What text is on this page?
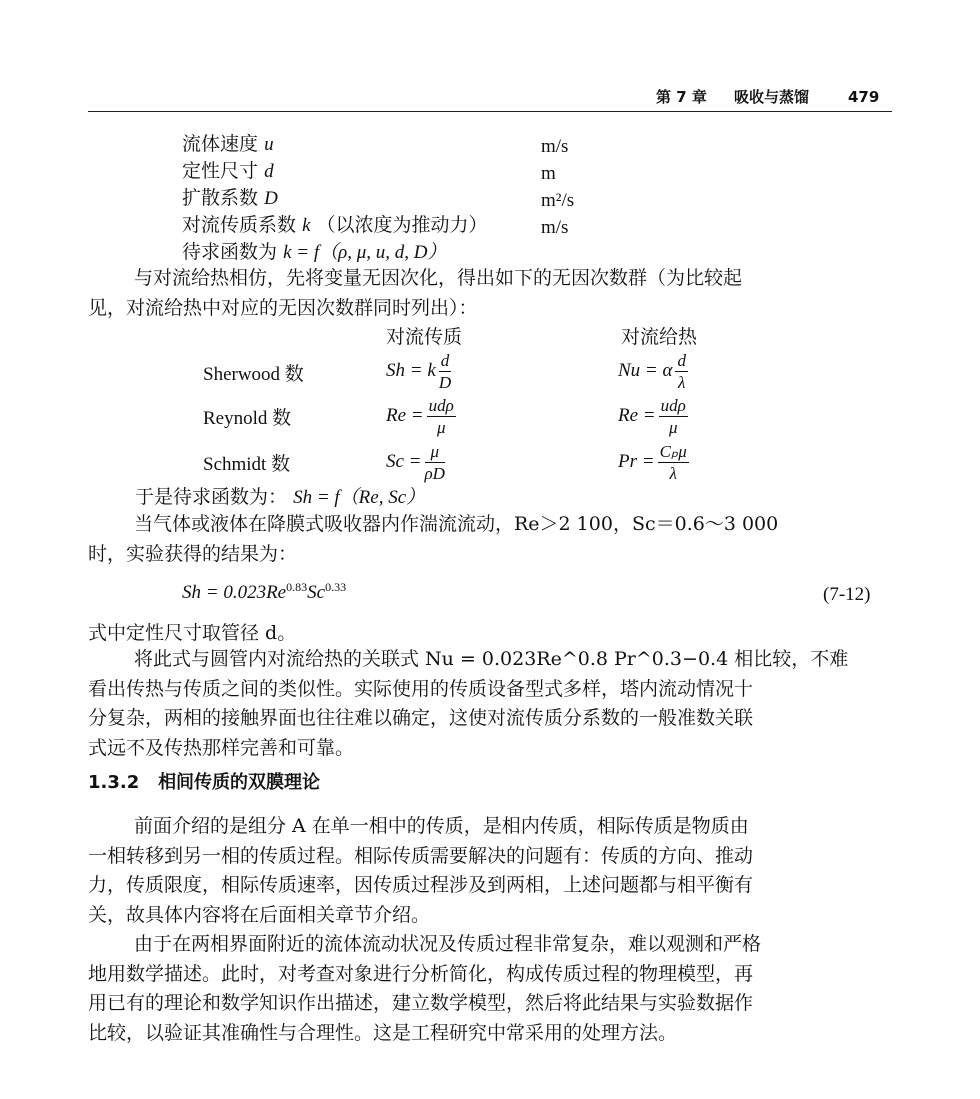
第 7 章 吸收与蒸馏	479
流体速度 u	m/s
定性尺寸 d	m
扩散系数 D	m²/s
对流传质系数 k （以浓度为推动力）	m/s
待求函数为 k = f（ρ, μ, u, d, D）
与对流给热相仿，先将变量无因次化，得出如下的无因次数群（为比较起
见，对流给热中对应的无因次数群同时列出）：
对流传质	对流给热
Sherwood 数	Sh = k $\frac{d}{D}$	Nu = α $\frac{d}{\lambda}$
Reynold 数	$Re = \frac{\text{udρ}}{\mu}$	$Re = \frac{\text{udρ}}{\mu}$
Schmidt 数	$Sc = \frac{\mu}{\rho D}$	$Pr = \frac{\text{Cₚμ}}{\lambda}$
于是待求函数为： Sh = f（Re, Sc）
当气体或液体在降膜式吸收器内作湍流流动，Re＞2 100，Sc＝0.6～3 000
时，实验获得的结果为：
$Sh = 0.023Re^{0.83}Sc^{0.33}$	(7-12)
式中定性尺寸取管径 d。
将此式与圆管内对流给热的关联式 Nu = 0.023Re^0.8 Pr^0.3−0.4 相比较，不难
看出传热与传质之间的类似性。实际使用的传质设备型式多样，塔内流动情况十
分复杂，两相的接触界面也往往难以确定，这使对流传质分系数的一般准数关联
式远不及传热那样完善和可靠。
1.3.2 相间传质的双膜理论
前面介绍的是组分 A 在单一相中的传质，是相内传质，相际传质是物质由
一相转移到另一相的传质过程。相际传质需要解决的问题有：传质的方向、推动
力，传质限度，相际传质速率，因传质过程涉及到两相，上述问题都与相平衡有
关，故具体内容将在后面相关章节介绍。
由于在两相界面附近的流体流动状况及传质过程非常复杂，难以观测和严格
地用数学描述。此时，对考查对象进行分析简化，构成传质过程的物理模型，再
用已有的理论和数学知识作出描述，建立数学模型，然后将此结果与实验数据作
比较，以验证其准确性与合理性。这是工程研究中常采用的处理方法。
